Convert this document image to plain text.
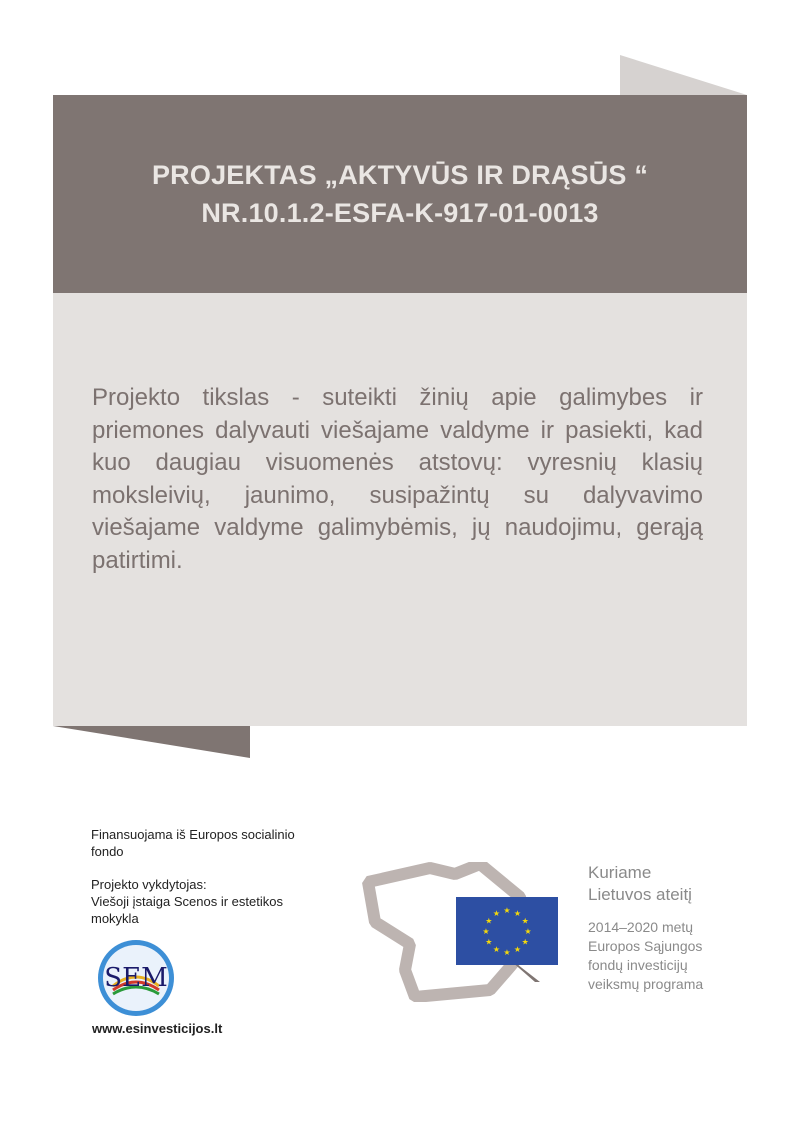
PROJEKTAS „AKTYVŪS IR DRĄSŪS “
NR.10.1.2-ESFA-K-917-01-0013
Projekto tikslas - suteikti žinių apie galimybes ir priemones dalyvauti viešajame valdyme ir pasiekti, kad kuo daugiau visuomenės atstovų: vyresnių klasių moksleivių, jaunimo, susipažintų su dalyvavimo viešajame valdyme galimybėmis, jų naudojimu, gerąją patirtimi.

Finansuojama iš Europos socialinio
fondo

Projekto vykdytojas:
Viešoji įstaiga Scenos ir estetikos
mokykla

SEM
www.esinvesticijos.lt
★ ★
★
★
★
★
★
★
★
★
★
★
Kuriame
Lietuvos ateitį
2014–2020 metų
Europos Sąjungos
fondų investicijų
veiksmų programa
